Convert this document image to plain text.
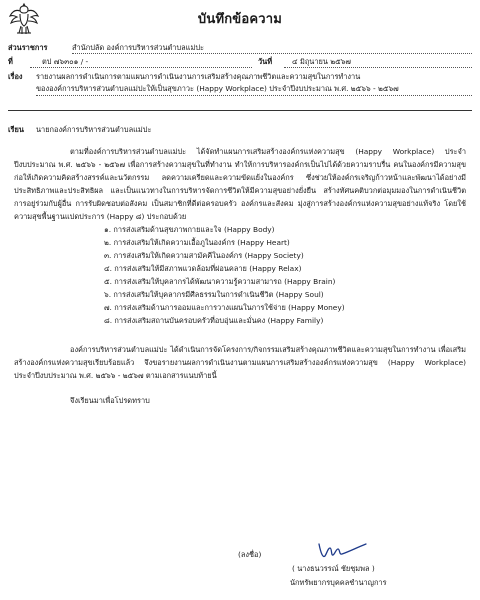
บันทึกข้อความ
ส่วนราชการ	สำนักปลัด องค์การบริหารส่วนตำบลแม่ปะ
ที่	ตป ๗๖๓๐๑ / -	วันที่	๔ มิถุนายน ๒๕๖๗
เรื่อง รายงานผลการดำเนินการตามแผนการดำเนินงานการเสริมสร้างคุณภาพชีวิตและความสุขในการทำงาน
ขององค์การบริหารส่วนตำบลแม่ปะให้เป็นสุขภาวะ (Happy Workplace) ประจำปีงบประมาณ พ.ศ. ๒๕๖๖ - ๒๕๖๗
เรียน นายกองค์การบริหารส่วนตำบลแม่ปะ

ตามที่องค์การบริหารส่วนตำบลแม่ปะ ได้จัดทำแผนการเสริมสร้างองค์กรแห่งความสุข (Happy Workplace) ประจำปีงบประมาณ พ.ศ. ๒๕๖๖ - ๒๕๖๗ เพื่อการสร้างความสุขในที่ทำงาน ทำให้การบริหารองค์กรเป็นไปได้ด้วยความราบรื่น คนในองค์กรมีความสุข ก่อให้เกิดความคิดสร้างสรรค์และนวัตกรรม ลดความเครียดและความขัดแย้งในองค์กร ซึ่งช่วยให้องค์กรเจริญก้าวหน้าและพัฒนาได้อย่างมีประสิทธิภาพและประสิทธิผล และเป็นแนวทางในการบริหารจัดการชีวิตให้มีความสุขอย่างยั่งยืน สร้างทัศนคติบวกต่อมุมมองในการดำเนินชีวิต การอยู่ร่วมกับผู้อื่น การรับผิดชอบต่อสังคม เป็นสมาชิกที่ดีต่อครอบครัว องค์กรและสังคม มุ่งสู่การสร้างองค์กรแห่งความสุขอย่างแท้จริง โดยใช้ความสุขพื้นฐานแปดประการ (Happy ๘) ประกอบด้วย

๑. การส่งเสริมด้านสุขภาพกายและใจ (Happy Body)
๒. การส่งเสริมให้เกิดความเอื้อภูในองค์กร (Happy Heart)
๓. การส่งเสริมให้เกิดความสามัคคีในองค์กร (Happy Society)
๔. การส่งเสริมให้มีสภาพแวดล้อมที่ผ่อนคลาย (Happy Relax)
๕. การส่งเสริมให้บุคลากรได้พัฒนาความรู้ความสามารถ (Happy Brain)
๖. การส่งเสริมให้บุคลากรมีศีลธรรมในการดำเนินชีวิต (Happy Soul)
๗. การส่งเสริมด้านการออมและการวางแผนในการใช้จ่าย (Happy Money)
๘. การส่งเสริมสถานบันครอบครัวที่อบอุ่นและมั่นคง (Happy Family)

องค์การบริหารส่วนตำบลแม่ปะ ได้ดำเนินการจัดโครงการ/กิจกรรมเสริมสร้างคุณภาพชีวิตและความสุขในการทำงาน เพื่อเสริมสร้างองค์กรแห่งความสุขเรียบร้อยแล้ว จึงขอรายงานผลการดำเนินงานตามแผนการเสริมสร้างองค์กรแห่งความสุข (Happy Workplace) ประจำปีงบประมาณ พ.ศ. ๒๕๖๖ - ๒๕๖๗ ตามเอกสารแนบท้ายนี้

จึงเรียนมาเพื่อโปรดทราบ

(ลงชื่อ)
( นางธนวรรณ์ ชัยชุมพล )
นักทรัพยากรบุคคลชำนาญการ
